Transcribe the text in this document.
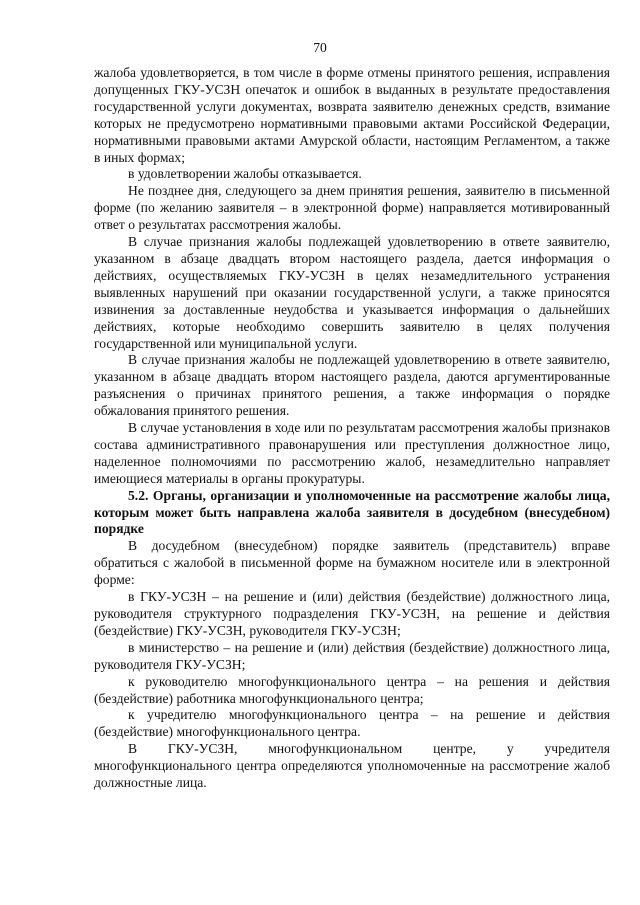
70

жалоба удовлетворяется, в том числе в форме отмены принятого решения, исправления допущенных ГКУ-УСЗН опечаток и ошибок в выданных в результате предоставления государственной услуги документах, возврата заявителю денежных средств, взимание которых не предусмотрено нормативными правовыми актами Российской Федерации, нормативными правовыми актами Амурской области, настоящим Регламентом, а также в иных формах;

в удовлетворении жалобы отказывается.

Не позднее дня, следующего за днем принятия решения, заявителю в письменной форме (по желанию заявителя – в электронной форме) направляется мотивированный ответ о результатах рассмотрения жалобы.

В случае признания жалобы подлежащей удовлетворению в ответе заявителю, указанном в абзаце двадцать втором настоящего раздела, дается информация о действиях, осуществляемых ГКУ-УСЗН в целях незамедлительного устранения выявленных нарушений при оказании государственной услуги, а также приносятся извинения за доставленные неудобства и указывается информация о дальнейших действиях, которые необходимо совершить заявителю в целях получения государственной или муниципальной услуги.

В случае признания жалобы не подлежащей удовлетворению в ответе заявителю, указанном в абзаце двадцать втором настоящего раздела, даются аргументированные разъяснения о причинах принятого решения, а также информация о порядке обжалования принятого решения.

В случае установления в ходе или по результатам рассмотрения жалобы признаков состава административного правонарушения или преступления должностное лицо, наделенное полномочиями по рассмотрению жалоб, незамедлительно направляет имеющиеся материалы в органы прокуратуры.

5.2. Органы, организации и уполномоченные на рассмотрение жалобы лица, которым может быть направлена жалоба заявителя в досудебном (внесудебном) порядке

В досудебном (внесудебном) порядке заявитель (представитель) вправе обратиться с жалобой в письменной форме на бумажном носителе или в электронной форме:

в ГКУ-УСЗН – на решение и (или) действия (бездействие) должностного лица, руководителя структурного подразделения ГКУ-УСЗН, на решение и действия (бездействие) ГКУ-УСЗН, руководителя ГКУ-УСЗН;

в министерство – на решение и (или) действия (бездействие) должностного лица, руководителя ГКУ-УСЗН;

к руководителю многофункционального центра – на решения и действия (бездействие) работника многофункционального центра;

к учредителю многофункционального центра – на решение и действия (бездействие) многофункционального центра.

В ГКУ-УСЗН, многофункциональном центре, у учредителя многофункционального центра определяются уполномоченные на рассмотрение жалоб должностные лица.
